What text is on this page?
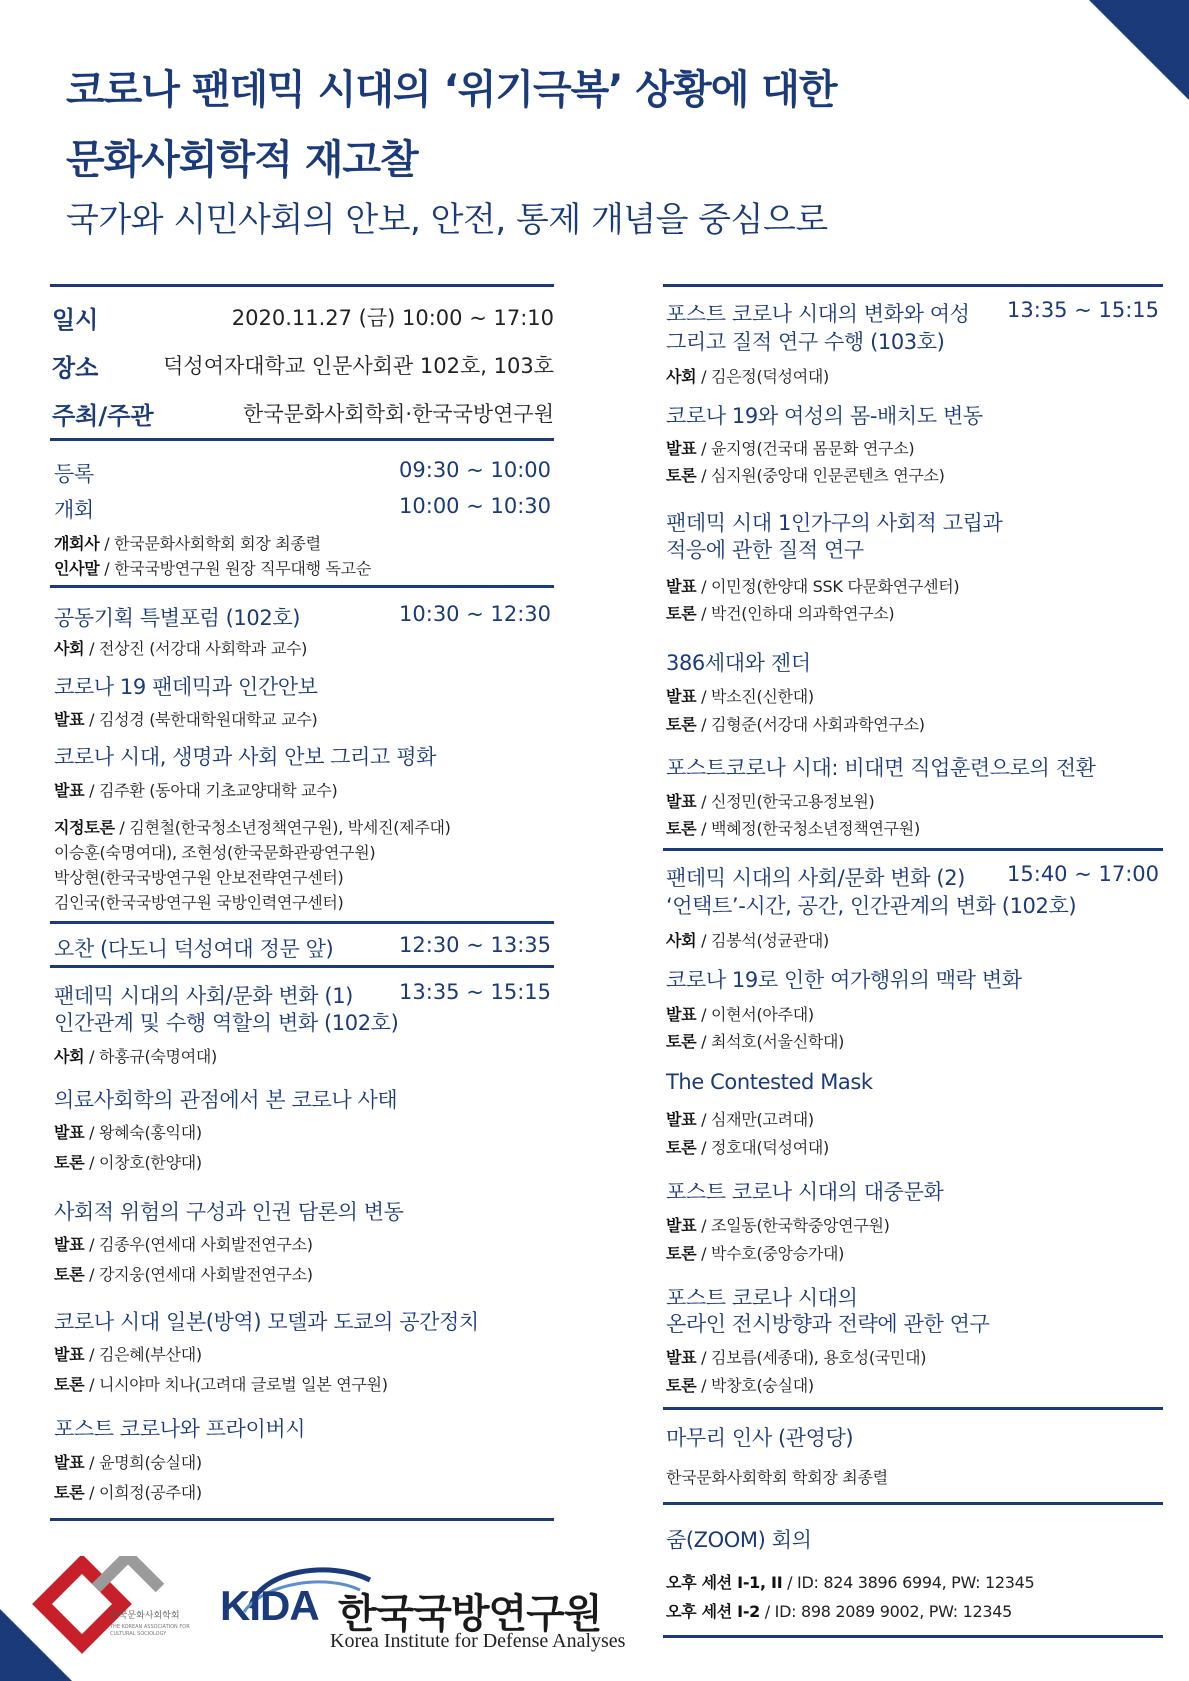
코로나 팬데믹 시대의 ‘위기극복’ 상황에 대한
문화사회학적 재고찰
국가와 시민사회의 안보, 안전, 통제 개념을 중심으로
일시	2020.11.27 (금) 10:00 ~ 17:10
장소	덕성여자대학교 인문사회관 102호, 103호
주최/주관	한국문화사회학회·한국국방연구원
등록	09:30 ~ 10:00
개회	10:00 ~ 10:30
개회사 / 한국문화사회학회 회장 최종렬
인사말 / 한국국방연구원 원장 직무대행 독고순
공동기획 특별포럼 (102호)	10:30 ~ 12:30
사회 / 전상진 (서강대 사회학과 교수)
코로나 19 팬데믹과 인간안보
발표 / 김성경 (북한대학원대학교 교수)
코로나 시대, 생명과 사회 안보 그리고 평화
발표 / 김주환 (동아대 기초교양대학 교수)
지정토론 / 김현철(한국청소년정책연구원), 박세진(제주대)
이승훈(숙명여대), 조현성(한국문화관광연구원)
박상현(한국국방연구원 안보전략연구센터)
김인국(한국국방연구원 국방인력연구센터)
오찬 (다도니 덕성여대 정문 앞)	12:30 ~ 13:35
팬데믹 시대의 사회/문화 변화 (1) 13:35 ~ 15:15
인간관계 및 수행 역할의 변화 (102호)
사회 / 하홍규(숙명여대)
의료사회학의 관점에서 본 코로나 사태
발표 / 왕혜숙(홍익대)
토론 / 이창호(한양대)
사회적 위험의 구성과 인권 담론의 변동
발표 / 김종우(연세대 사회발전연구소)
토론 / 강지웅(연세대 사회발전연구소)
코로나 시대 일본(방역) 모델과 도쿄의 공간정치
발표 / 김은혜(부산대)
토론 / 니시야마 치나(고려대 글로벌 일본 연구원)
포스트 코로나와 프라이버시
발표 / 윤명희(숭실대)
토론 / 이희정(공주대)
포스트 코로나 시대의 변화와 여성 13:35 ~ 15:15
그리고 질적 연구 수행 (103호)
사회 / 김은정(덕성여대)
코로나 19와 여성의 몸-배치도 변동
발표 / 윤지영(건국대 몸문화 연구소)
토론 / 심지원(중앙대 인문콘텐츠 연구소)
팬데믹 시대 1인가구의 사회적 고립과
적응에 관한 질적 연구
발표 / 이민정(한양대 SSK 다문화연구센터)
토론 / 박건(인하대 의과학연구소)
386세대와 젠더
발표 / 박소진(신한대)
토론 / 김형준(서강대 사회과학연구소)
포스트코로나 시대: 비대면 직업훈련으로의 전환
발표 / 신정민(한국고용정보원)
토론 / 백혜정(한국청소년정책연구원)
팬데믹 시대의 사회/문화 변화 (2) 15:40 ~ 17:00
‘언택트’-시간, 공간, 인간관계의 변화 (102호)
사회 / 김봉석(성균관대)
코로나 19로 인한 여가행위의 맥락 변화
발표 / 이현서(아주대)
토론 / 최석호(서울신학대)
The Contested Mask
발표 / 심재만(고려대)
토론 / 정호대(덕성여대)
포스트 코로나 시대의 대중문화
발표 / 조일동(한국학중앙연구원)
토론 / 박수호(중앙승가대)
포스트 코로나 시대의
온라인 전시방향과 전략에 관한 연구
발표 / 김보름(세종대), 용호성(국민대)
토론 / 박창호(숭실대)
마무리 인사 (관영당)
한국문화사회학회 학회장 최종렬
줌(ZOOM) 회의
오후 세션 I-1, II / ID: 824 3896 6994, PW: 12345
오후 세션 I-2 / ID: 898 2089 9002, PW: 12345
한국문화사회학회
THE KOREAN ASSOCIATION FOR
CULTURAL SOCIOLOGY
KIDA 한국국방연구원
Korea Institute for Defense Analyses
